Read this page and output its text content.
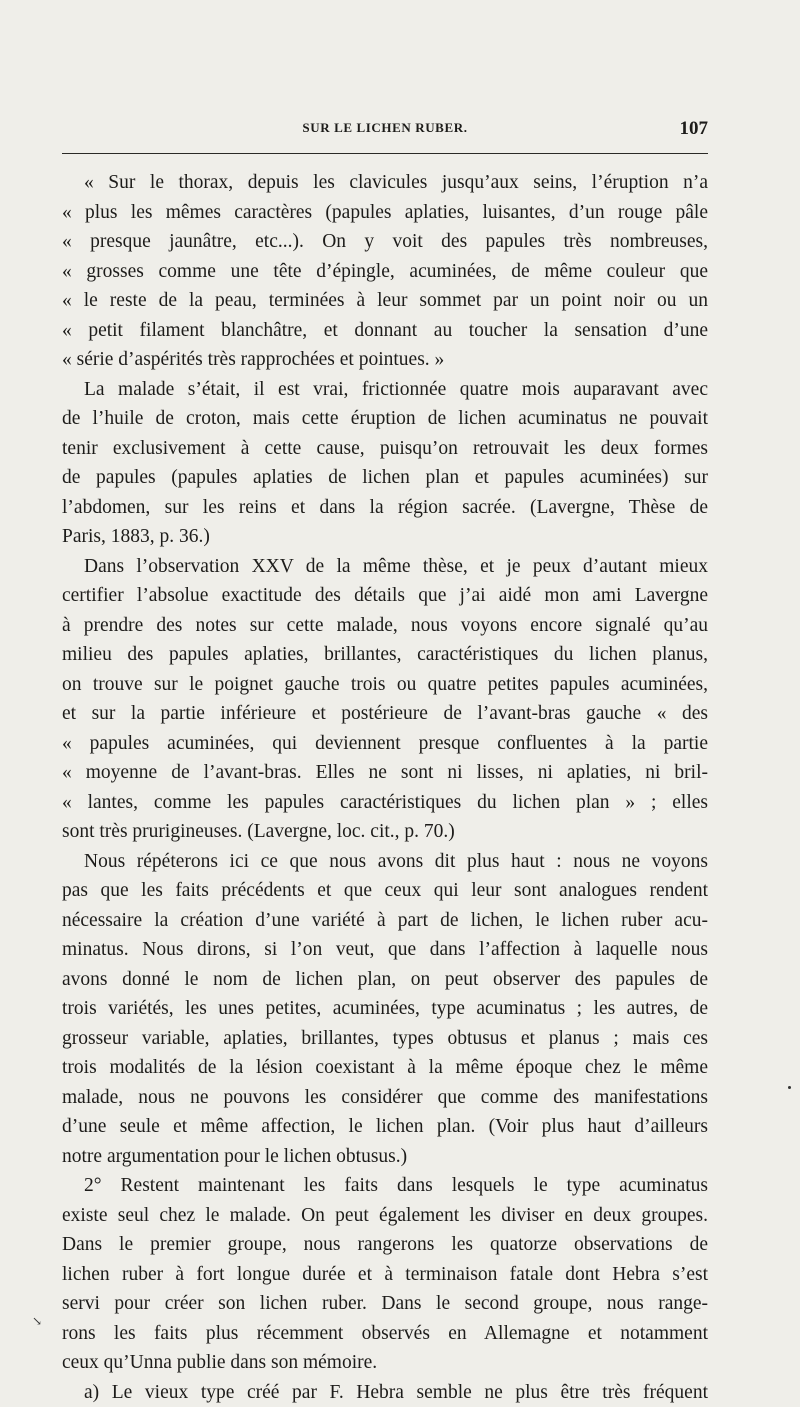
SUR LE LICHEN RUBER.	107
« Sur le thorax, depuis les clavicules jusqu’aux seins, l’éruption n’a
« plus les mêmes caractères (papules aplaties, luisantes, d’un rouge pâle
« presque jaunâtre, etc...). On y voit des papules très nombreuses,
« grosses comme une tête d’épingle, acuminées, de même couleur que
« le reste de la peau, terminées à leur sommet par un point noir ou un
« petit filament blanchâtre, et donnant au toucher la sensation d’une
« série d’aspérités très rapprochées et pointues. »
La malade s’était, il est vrai, frictionnée quatre mois auparavant avec
de l’huile de croton, mais cette éruption de lichen acuminatus ne pouvait
tenir exclusivement à cette cause, puisqu’on retrouvait les deux formes
de papules (papules aplaties de lichen plan et papules acuminées) sur
l’abdomen, sur les reins et dans la région sacrée. (Lavergne, Thèse de
Paris, 1883, p. 36.)
Dans l’observation XXV de la même thèse, et je peux d’autant mieux
certifier l’absolue exactitude des détails que j’ai aidé mon ami Lavergne
à prendre des notes sur cette malade, nous voyons encore signalé qu’au
milieu des papules aplaties, brillantes, caractéristiques du lichen planus,
on trouve sur le poignet gauche trois ou quatre petites papules acuminées,
et sur la partie inférieure et postérieure de l’avant-bras gauche « des
« papules acuminées, qui deviennent presque confluentes à la partie
« moyenne de l’avant-bras. Elles ne sont ni lisses, ni aplaties, ni bril-
« lantes, comme les papules caractéristiques du lichen plan » ; elles
sont très prurigineuses. (Lavergne, loc. cit., p. 70.)
Nous répéterons ici ce que nous avons dit plus haut : nous ne voyons
pas que les faits précédents et que ceux qui leur sont analogues rendent
nécessaire la création d’une variété à part de lichen, le lichen ruber acu-
minatus. Nous dirons, si l’on veut, que dans l’affection à laquelle nous
avons donné le nom de lichen plan, on peut observer des papules de
trois variétés, les unes petites, acuminées, type acuminatus ; les autres, de
grosseur variable, aplaties, brillantes, types obtusus et planus ; mais ces
trois modalités de la lésion coexistant à la même époque chez le même
malade, nous ne pouvons les considérer que comme des manifestations
d’une seule et même affection, le lichen plan. (Voir plus haut d’ailleurs
notre argumentation pour le lichen obtusus.)
2° Restent maintenant les faits dans lesquels le type acuminatus
existe seul chez le malade. On peut également les diviser en deux groupes.
Dans le premier groupe, nous rangerons les quatorze observations de
lichen ruber à fort longue durée et à terminaison fatale dont Hebra s’est
servi pour créer son lichen ruber. Dans le second groupe, nous range-
rons les faits plus récemment observés en Allemagne et notamment
ceux qu’Unna publie dans son mémoire.
a) Le vieux type créé par F. Hebra semble ne plus être très fréquent
↘
